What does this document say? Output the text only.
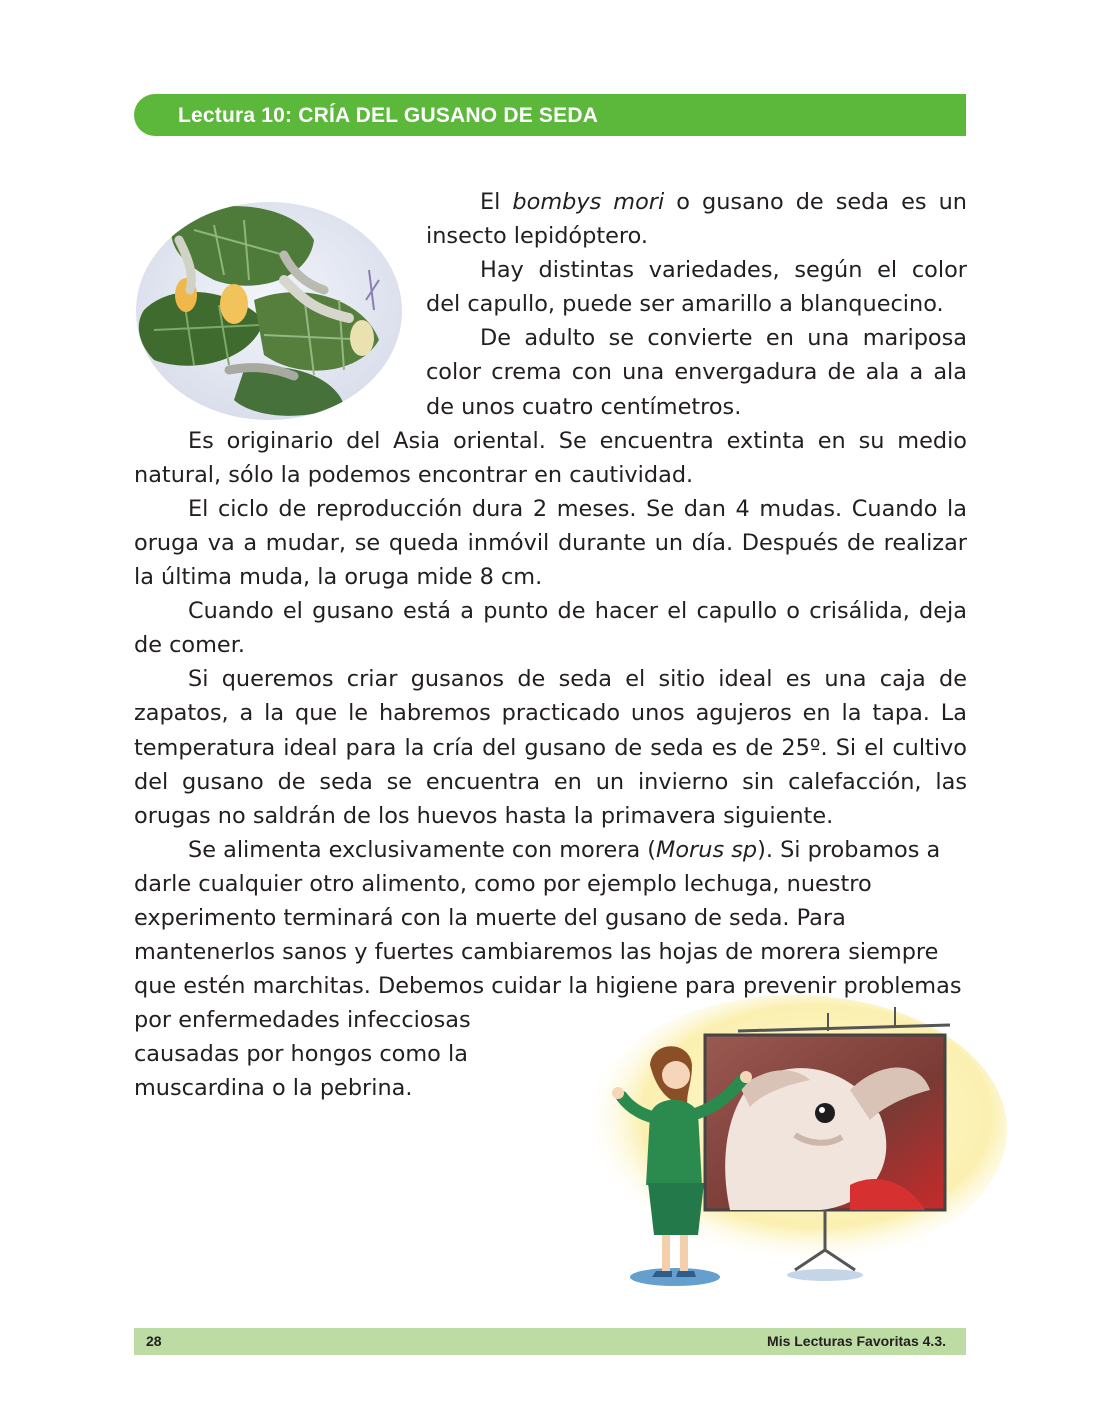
Lectura 10: CRÍA DEL GUSANO DE SEDA

El bombys mori o gusano de seda es un insecto lepidóptero.

Hay distintas variedades, según el color del capullo, puede ser amarillo a blanquecino.

De adulto se convierte en una mariposa color crema con una envergadura de ala a ala de unos cuatro centímetros.

Es originario del Asia oriental. Se encuentra extinta en su medio natural, sólo la podemos encontrar en cautividad.

El ciclo de reproducción dura 2 meses. Se dan 4 mudas. Cuando la oruga va a mudar, se queda inmóvil durante un día. Después de realizar la última muda, la oruga mide 8 cm.

Cuando el gusano está a punto de hacer el capullo o crisálida, deja de comer.

Si queremos criar gusanos de seda el sitio ideal es una caja de zapatos, a la que le habremos practicado unos agujeros en la tapa. La temperatura ideal para la cría del gusano de seda es de 25º. Si el cultivo del gusano de seda se encuentra en un invierno sin calefacción, las orugas no saldrán de los huevos hasta la primavera siguiente.

Se alimenta exclusivamente con morera (Morus sp). Si probamos a darle cualquier otro alimento, como por ejemplo lechuga, nuestro experimento terminará con la muerte del gusano de seda. Para mantenerlos sanos y fuertes cambiaremos las hojas de morera siempre que estén marchitas. Debemos cuidar la higiene para prevenir problemas por enfermedades infecciosas causadas por hongos como la muscardina o la pebrina.

28	Mis Lecturas Favoritas 4.3.
